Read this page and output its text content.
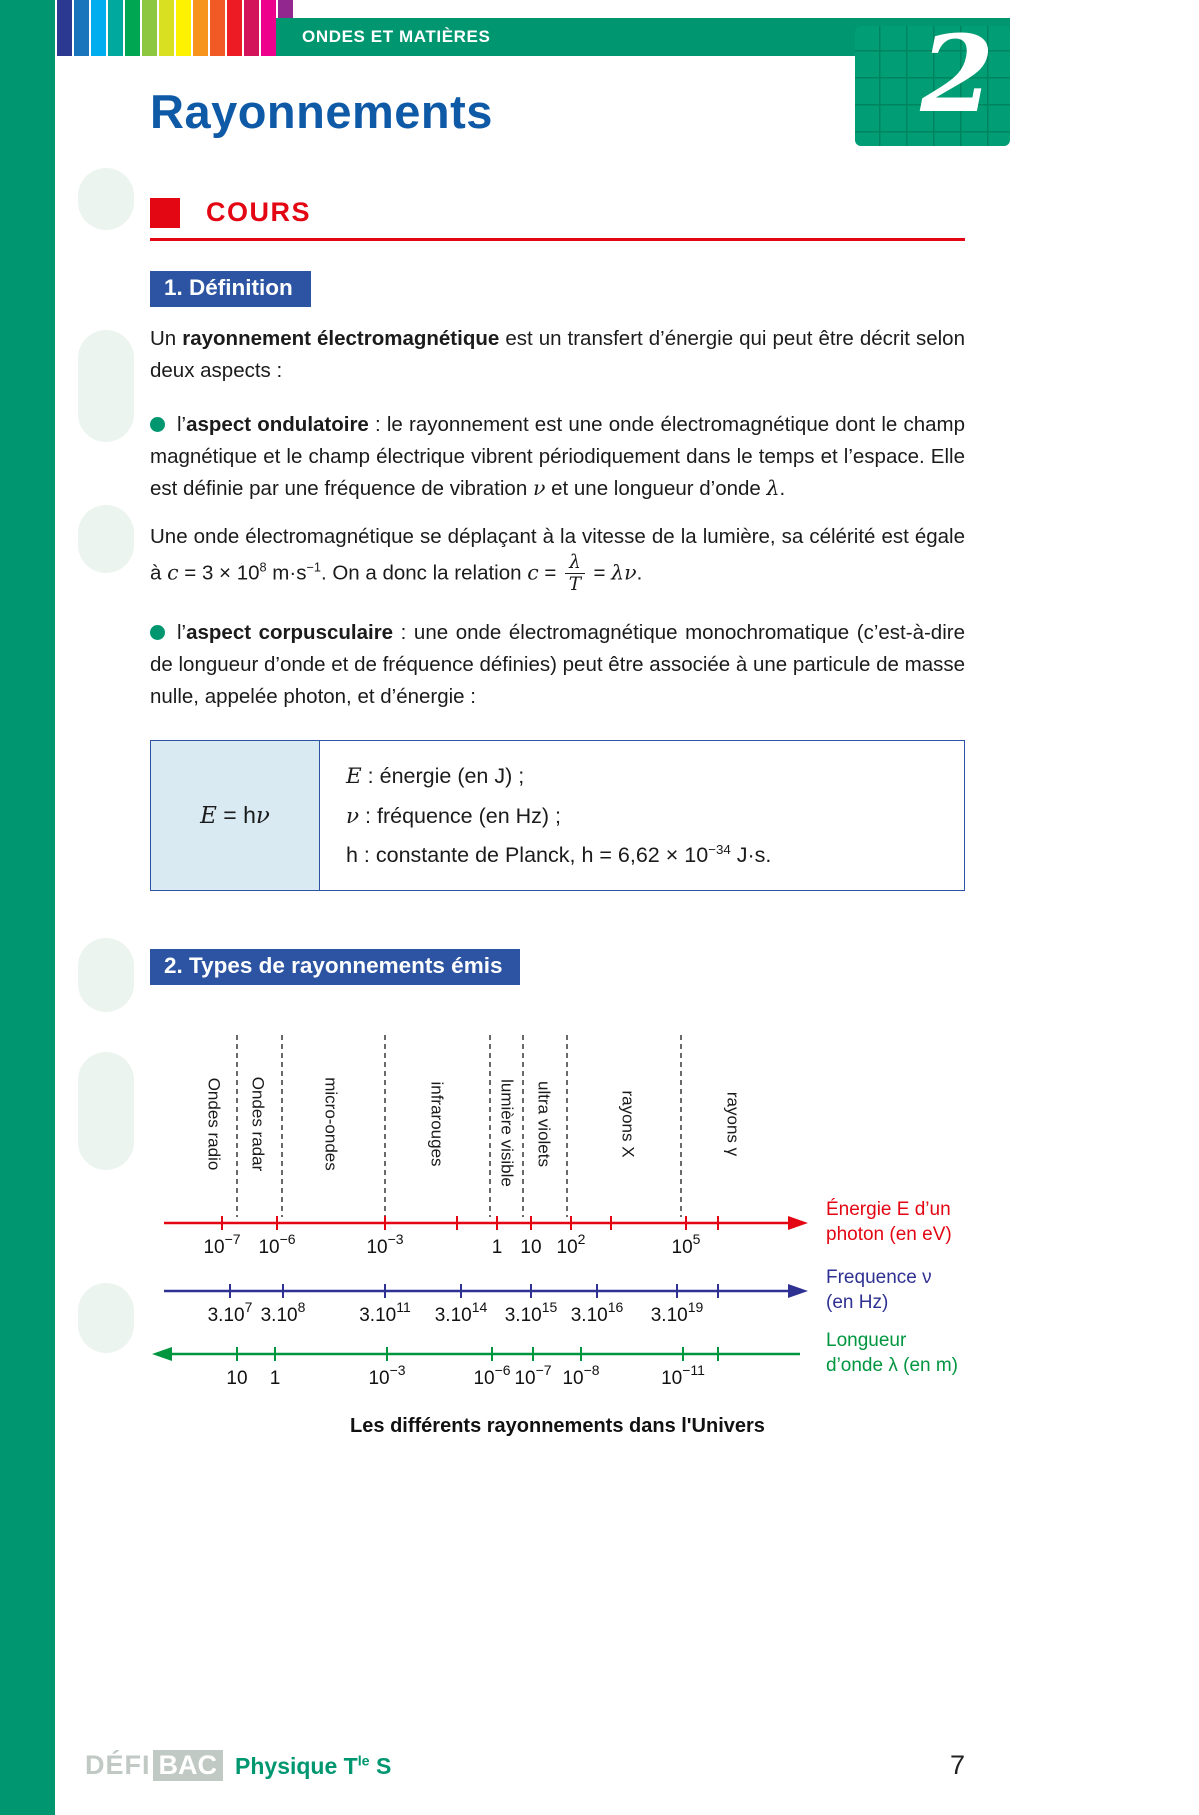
ONDES ET MATIÈRES	2
Rayonnements
COURS
1. Définition

Un rayonnement électromagnétique est un transfert d’énergie qui peut être décrit selon deux aspects :

l’aspect ondulatoire : le rayonnement est une onde électromagnétique dont le champ magnétique et le champ électrique vibrent périodiquement dans le temps et l’espace. Elle est définie par une fréquence de vibration ν et une longueur d’onde λ.

Une onde électromagnétique se déplaçant à la vitesse de la lumière, sa célérité est égale à $c = 3 \times 10^8$ $m\cdot s^{-1}$. On a donc la relation $c = \frac{\lambda}{T} = \lambda\nu$.

l’aspect corpusculaire : une onde électromagnétique monochromatique (c’est-à-dire de longueur d’onde et de fréquence définies) peut être associée à une particule de masse nulle, appelée photon, et d’énergie :

E = hν
E : énergie (en J) ;
ν : fréquence (en Hz) ;
h : constante de Planck, $h = 6,62 \times 10^{-34}$ J·s.
2. Types de rayonnements émis
Ondes radio Ondes radar	micro-ondes	infrarouges	lumière visible ultra violets	rayons X	rayons γ
$10^{-7}$ $10^{-6}$	$10^{-3}$	1 10 $10^2$	$10^5$
3.10$^7$ 3.10$^8$	3.10$^{11}$ 3.10$^{14}$ 3.10$^{15}$ 3.10$^{16}$ 3.10$^{19}$
10 1	$10^{-3}$	$10^{-6}$ $10^{-7}$ $10^{-8}$	$10^{-11}$
Énergie E d’un
photon (en eV)
Frequence ν
(en Hz)
Longueur
d’onde λ (en m)
Les différents rayonnements dans l'Univers
DÉFI BAC Physique $T^{le}$ S	7
